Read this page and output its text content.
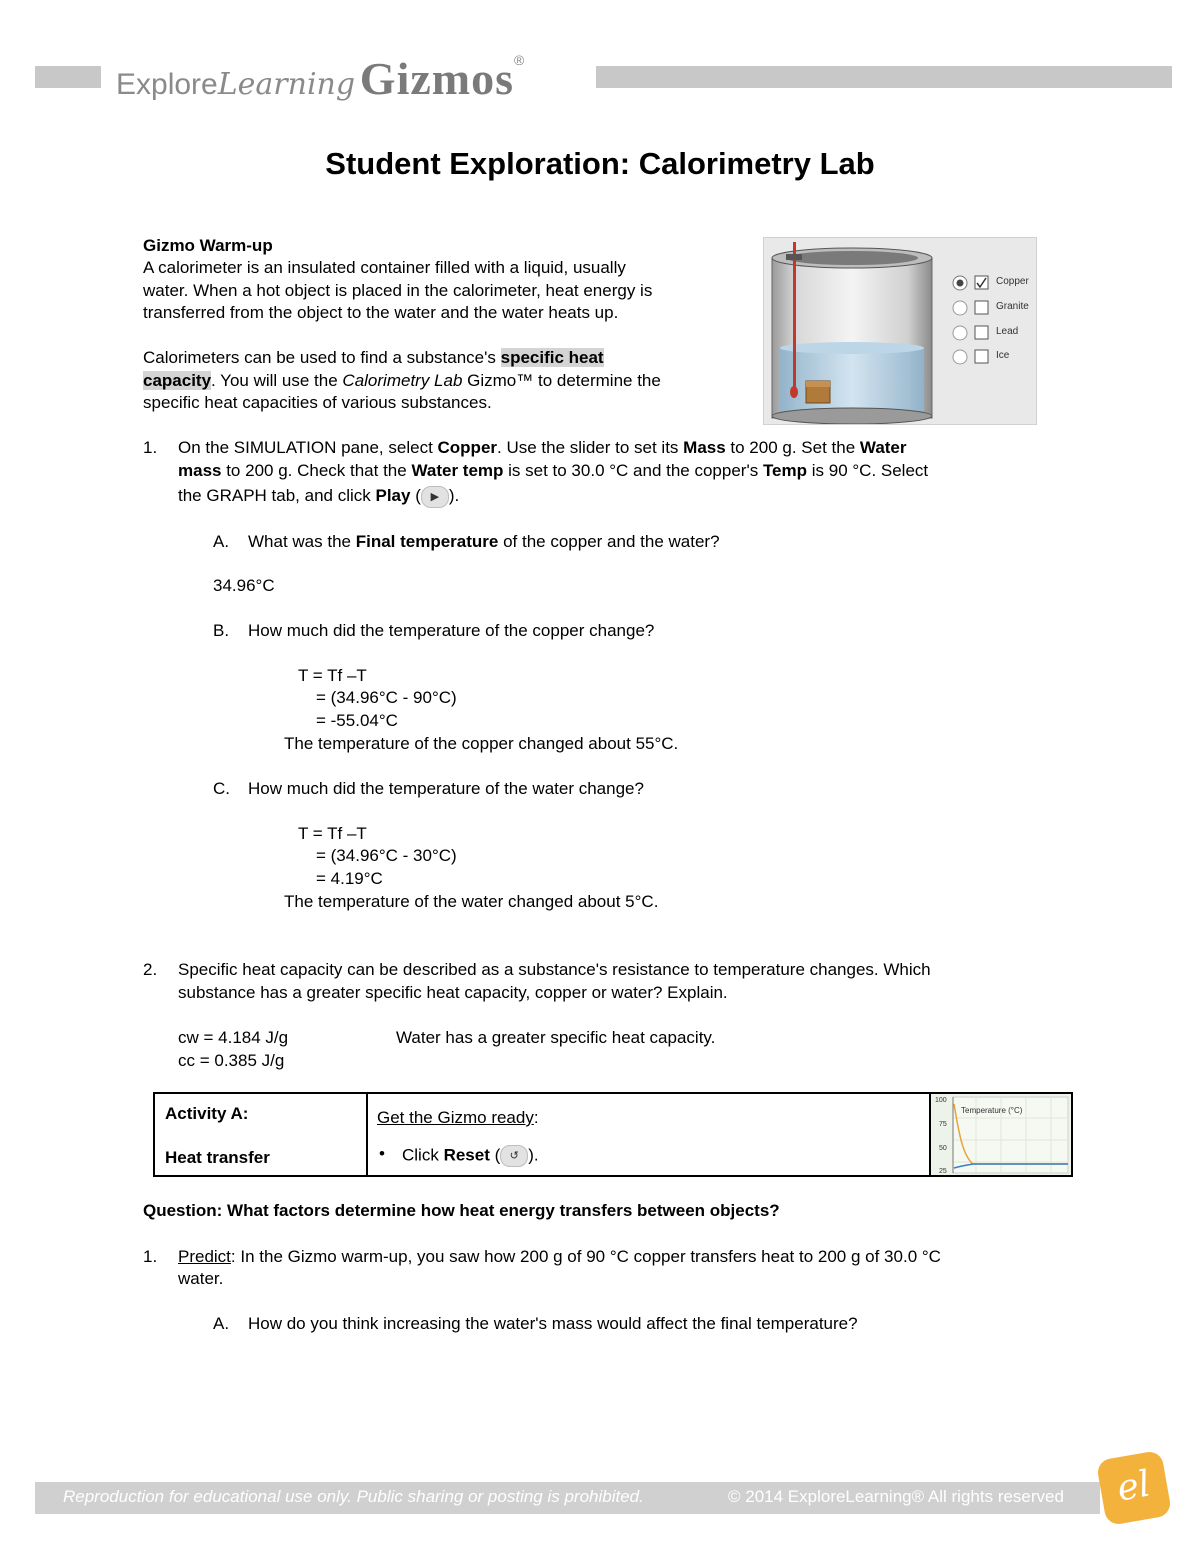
ExploreLearning Gizmos®
Student Exploration: Calorimetry Lab
Gizmo Warm-up
A calorimeter is an insulated container filled with a liquid, usually
water. When a hot object is placed in the calorimeter, heat energy is
transferred from the object to the water and the water heats up.
Calorimeters can be used to find a substance's specific heat
capacity. You will use the Calorimetry Lab Gizmo™ to determine the
specific heat capacities of various substances.
Copper
Granite
Lead
Ice
1. On the SIMULATION pane, select Copper. Use the slider to set its Mass to 200 g. Set the Water
mass to 200 g. Check that the Water temp is set to 30.0 °C and the copper's Temp is 90 °C. Select
the GRAPH tab, and click Play ( ▶ ).
A. What was the Final temperature of the copper and the water?
34.96°C
B. How much did the temperature of the copper change?
T = Tf –T
= (34.96°C - 90°C)
= -55.04°C
The temperature of the copper changed about 55°C.
C. How much did the temperature of the water change?
T = Tf –T
= (34.96°C - 30°C)
= 4.19°C
The temperature of the water changed about 5°C.
2. Specific heat capacity can be described as a substance's resistance to temperature changes. Which
substance has a greater specific heat capacity, copper or water? Explain.
cw = 4.184 J/g
cc = 0.385 J/g
Water has a greater specific heat capacity.
Activity A:
Heat transfer

Get the Gizmo ready:
• Click Reset ( ↺ ).

Temperature (°C)
100
75
50
25
Question: What factors determine how heat energy transfers between objects?
1. Predict: In the Gizmo warm-up, you saw how 200 g of 90 °C copper transfers heat to 200 g of 30.0 °C
water.
A. How do you think increasing the water's mass would affect the final temperature?
Reproduction for educational use only. Public sharing or posting is prohibited.	© 2014 ExploreLearning® All rights reserved	el
